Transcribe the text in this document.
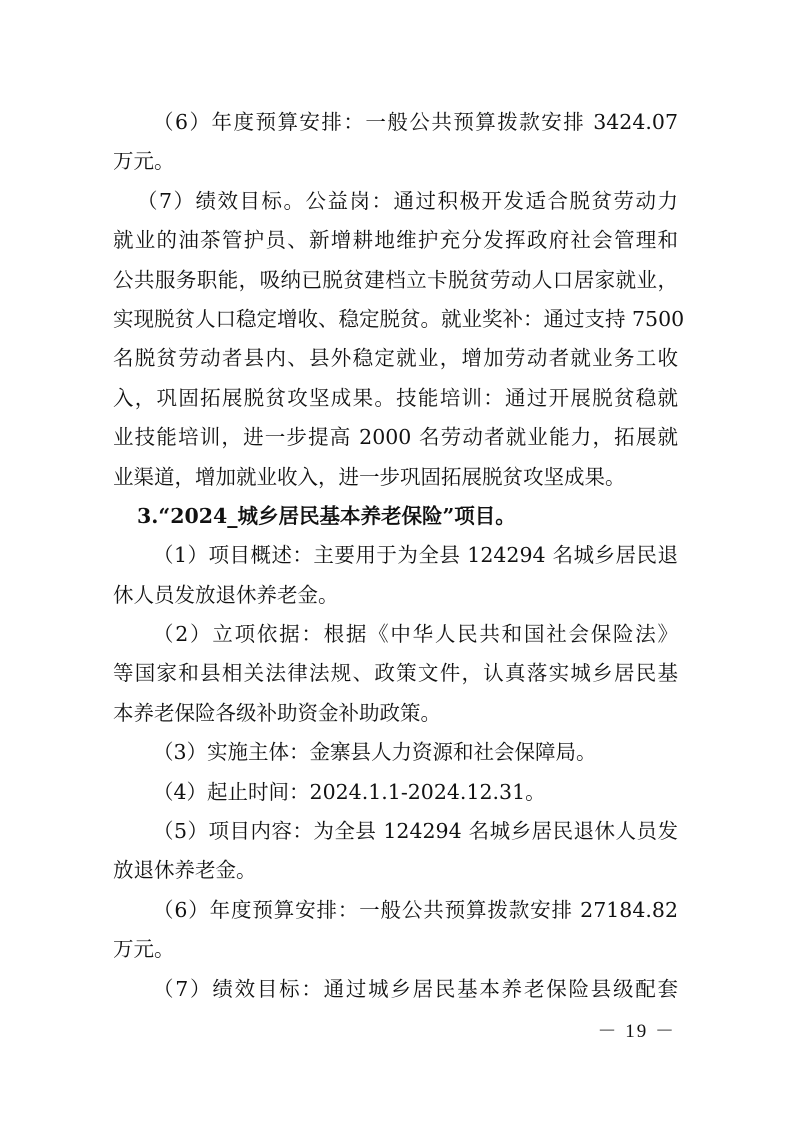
（6）年度预算安排：一般公共预算拨款安排 3424.07
万元。
（7）绩效目标。公益岗：通过积极开发适合脱贫劳动力
就业的油茶管护员、新增耕地维护充分发挥政府社会管理和
公共服务职能，吸纳已脱贫建档立卡脱贫劳动人口居家就业，
实现脱贫人口稳定增收、稳定脱贫。就业奖补：通过支持 7500
名脱贫劳动者县内、县外稳定就业，增加劳动者就业务工收
入，巩固拓展脱贫攻坚成果。技能培训：通过开展脱贫稳就
业技能培训，进一步提高 2000 名劳动者就业能力，拓展就
业渠道，增加就业收入，进一步巩固拓展脱贫攻坚成果。
3.“2024_城乡居民基本养老保险”项目。
（1）项目概述：主要用于为全县 124294 名城乡居民退
休人员发放退休养老金。
（2）立项依据：根据《中华人民共和国社会保险法》
等国家和县相关法律法规、政策文件，认真落实城乡居民基
本养老保险各级补助资金补助政策。
（3）实施主体：金寨县人力资源和社会保障局。
（4）起止时间：2024.1.1-2024.12.31。
（5）项目内容：为全县 124294 名城乡居民退休人员发
放退休养老金。
（6）年度预算安排：一般公共预算拨款安排 27184.82
万元。
（7）绩效目标：通过城乡居民基本养老保险县级配套
－ 19 －
